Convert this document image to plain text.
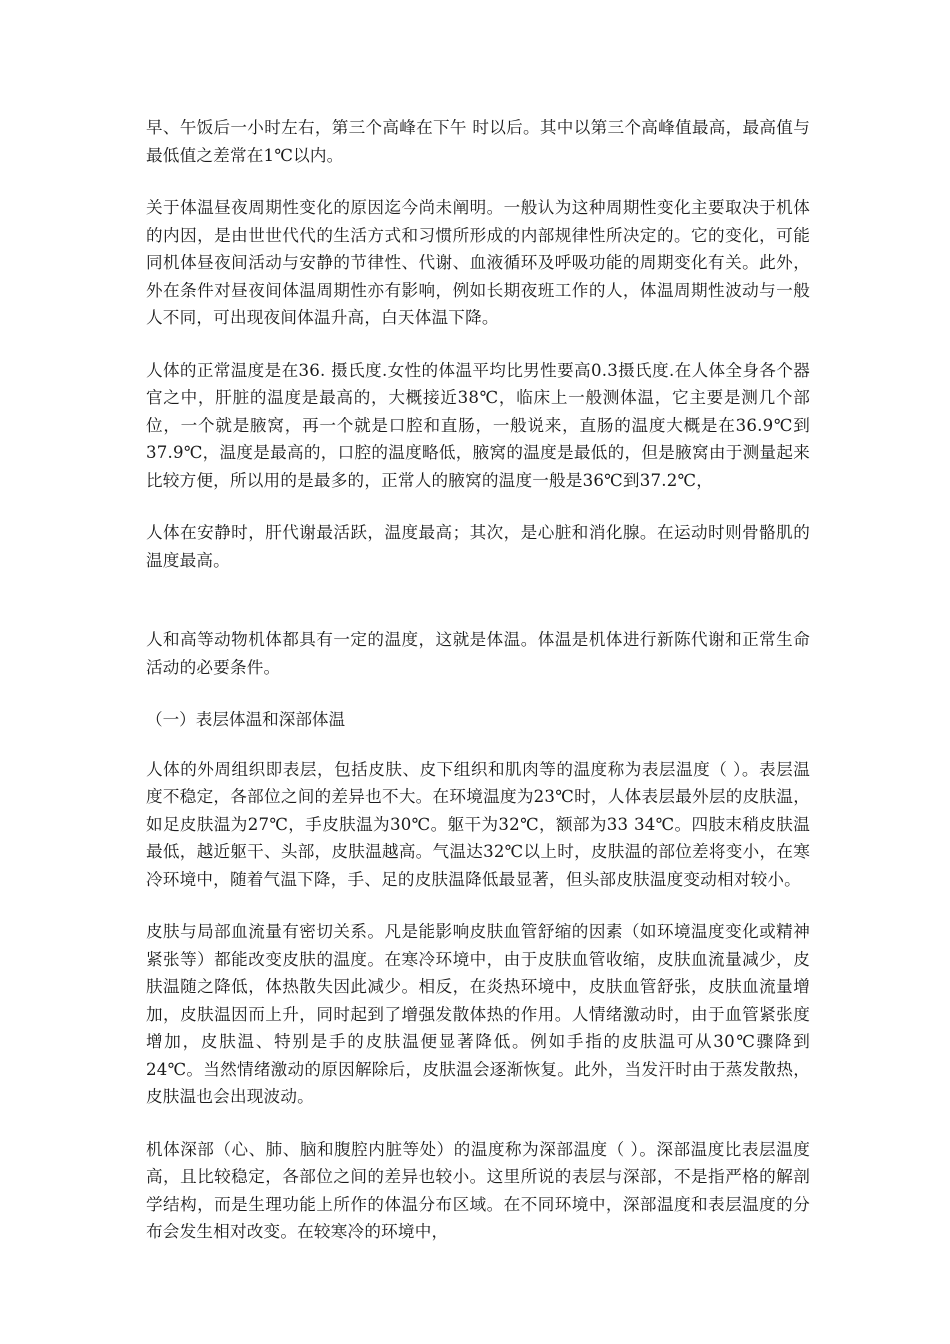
早、午饭后一小时左右，第三个高峰在下午 时以后。其中以第三个高峰值最高，最高值与最低值之差常在1℃以内。

关于体温昼夜周期性变化的原因迄今尚未阐明。一般认为这种周期性变化主要取决于机体的内因，是由世世代代的生活方式和习惯所形成的内部规律性所决定的。它的变化，可能同机体昼夜间活动与安静的节律性、代谢、血液循环及呼吸功能的周期变化有关。此外，外在条件对昼夜间体温周期性亦有影响，例如长期夜班工作的人，体温周期性波动与一般人不同，可出现夜间体温升高，白天体温下降。

人体的正常温度是在36. 摄氏度.女性的体温平均比男性要高0.3摄氏度.在人体全身各个器官之中，肝脏的温度是最高的，大概接近38℃，临床上一般测体温，它主要是测几个部位，一个就是腋窝，再一个就是口腔和直肠，一般说来，直肠的温度大概是在36.9℃到37.9℃，温度是最高的，口腔的温度略低，腋窝的温度是最低的，但是腋窝由于测量起来比较方便，所以用的是最多的，正常人的腋窝的温度一般是36℃到37.2℃，

人体在安静时，肝代谢最活跃，温度最高；其次，是心脏和消化腺。在运动时则骨骼肌的温度最高。

人和高等动物机体都具有一定的温度，这就是体温。体温是机体进行新陈代谢和正常生命活动的必要条件。

（一）表层体温和深部体温

人体的外周组织即表层，包括皮肤、皮下组织和肌肉等的温度称为表层温度（ ）。表层温度不稳定，各部位之间的差异也不大。在环境温度为23℃时，人体表层最外层的皮肤温，如足皮肤温为27℃，手皮肤温为30℃。躯干为32℃，额部为33 34℃。四肢末稍皮肤温最低，越近躯干、头部，皮肤温越高。气温达32℃以上时，皮肤温的部位差将变小，在寒冷环境中，随着气温下降，手、足的皮肤温降低最显著，但头部皮肤温度变动相对较小。

皮肤与局部血流量有密切关系。凡是能影响皮肤血管舒缩的因素（如环境温度变化或精神紧张等）都能改变皮肤的温度。在寒冷环境中，由于皮肤血管收缩，皮肤血流量减少，皮肤温随之降低，体热散失因此减少。相反，在炎热环境中，皮肤血管舒张，皮肤血流量增加，皮肤温因而上升，同时起到了增强发散体热的作用。人情绪激动时，由于血管紧张度增加，皮肤温、特别是手的皮肤温便显著降低。例如手指的皮肤温可从30℃骤降到24℃。当然情绪激动的原因解除后，皮肤温会逐渐恢复。此外，当发汗时由于蒸发散热，皮肤温也会出现波动。

机体深部（心、肺、脑和腹腔内脏等处）的温度称为深部温度（ ）。深部温度比表层温度高，且比较稳定，各部位之间的差异也较小。这里所说的表层与深部，不是指严格的解剖学结构，而是生理功能上所作的体温分布区域。在不同环境中，深部温度和表层温度的分布会发生相对改变。在较寒冷的环境中，
